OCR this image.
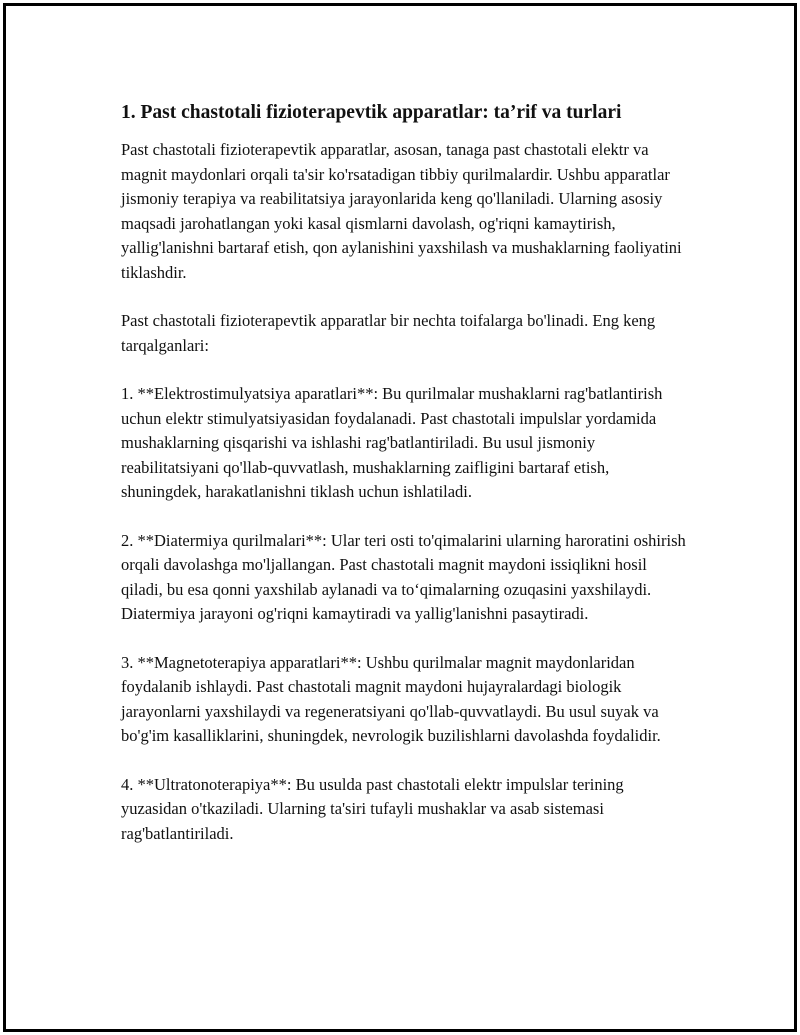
1. Past chastotali fizioterapevtik apparatlar: ta’rif va turlari

Past chastotali fizioterapevtik apparatlar, asosan, tanaga past chastotali elektr va magnit maydonlari orqali ta'sir ko'rsatadigan tibbiy qurilmalardir. Ushbu apparatlar jismoniy terapiya va reabilitatsiya jarayonlarida keng qo'llaniladi. Ularning asosiy maqsadi jarohatlangan yoki kasal qismlarni davolash, og'riqni kamaytirish, yallig'lanishni bartaraf etish, qon aylanishini yaxshilash va mushaklarning faoliyatini tiklashdir.

Past chastotali fizioterapevtik apparatlar bir nechta toifalarga bo'linadi. Eng keng tarqalganlari:

1. **Elektrostimulyatsiya aparatlari**: Bu qurilmalar mushaklarni rag'batlantirish uchun elektr stimulyatsiyasidan foydalanadi. Past chastotali impulslar yordamida mushaklarning qisqarishi va ishlashi rag'batlantiriladi. Bu usul jismoniy reabilitatsiyani qo'llab-quvvatlash, mushaklarning zaifligini bartaraf etish, shuningdek, harakatlanishni tiklash uchun ishlatiladi.

2. **Diatermiya qurilmalari**: Ular teri osti to'qimalarini ularning haroratini oshirish orqali davolashga mo'ljallangan. Past chastotali magnit maydoni issiqlikni hosil qiladi, bu esa qonni yaxshilab aylanadi va to‘qimalarning ozuqasini yaxshilaydi. Diatermiya jarayoni og'riqni kamaytiradi va yallig'lanishni pasaytiradi.

3. **Magnetoterapiya apparatlari**: Ushbu qurilmalar magnit maydonlaridan foydalanib ishlaydi. Past chastotali magnit maydoni hujayralardagi biologik jarayonlarni yaxshilaydi va regeneratsiyani qo'llab-quvvatlaydi. Bu usul suyak va bo'g'im kasalliklarini, shuningdek, nevrologik buzilishlarni davolashda foydalidir.

4. **Ultratonoterapiya**: Bu usulda past chastotali elektr impulslar terining yuzasidan o'tkaziladi. Ularning ta'siri tufayli mushaklar va asab sistemasi rag'batlantiriladi.
